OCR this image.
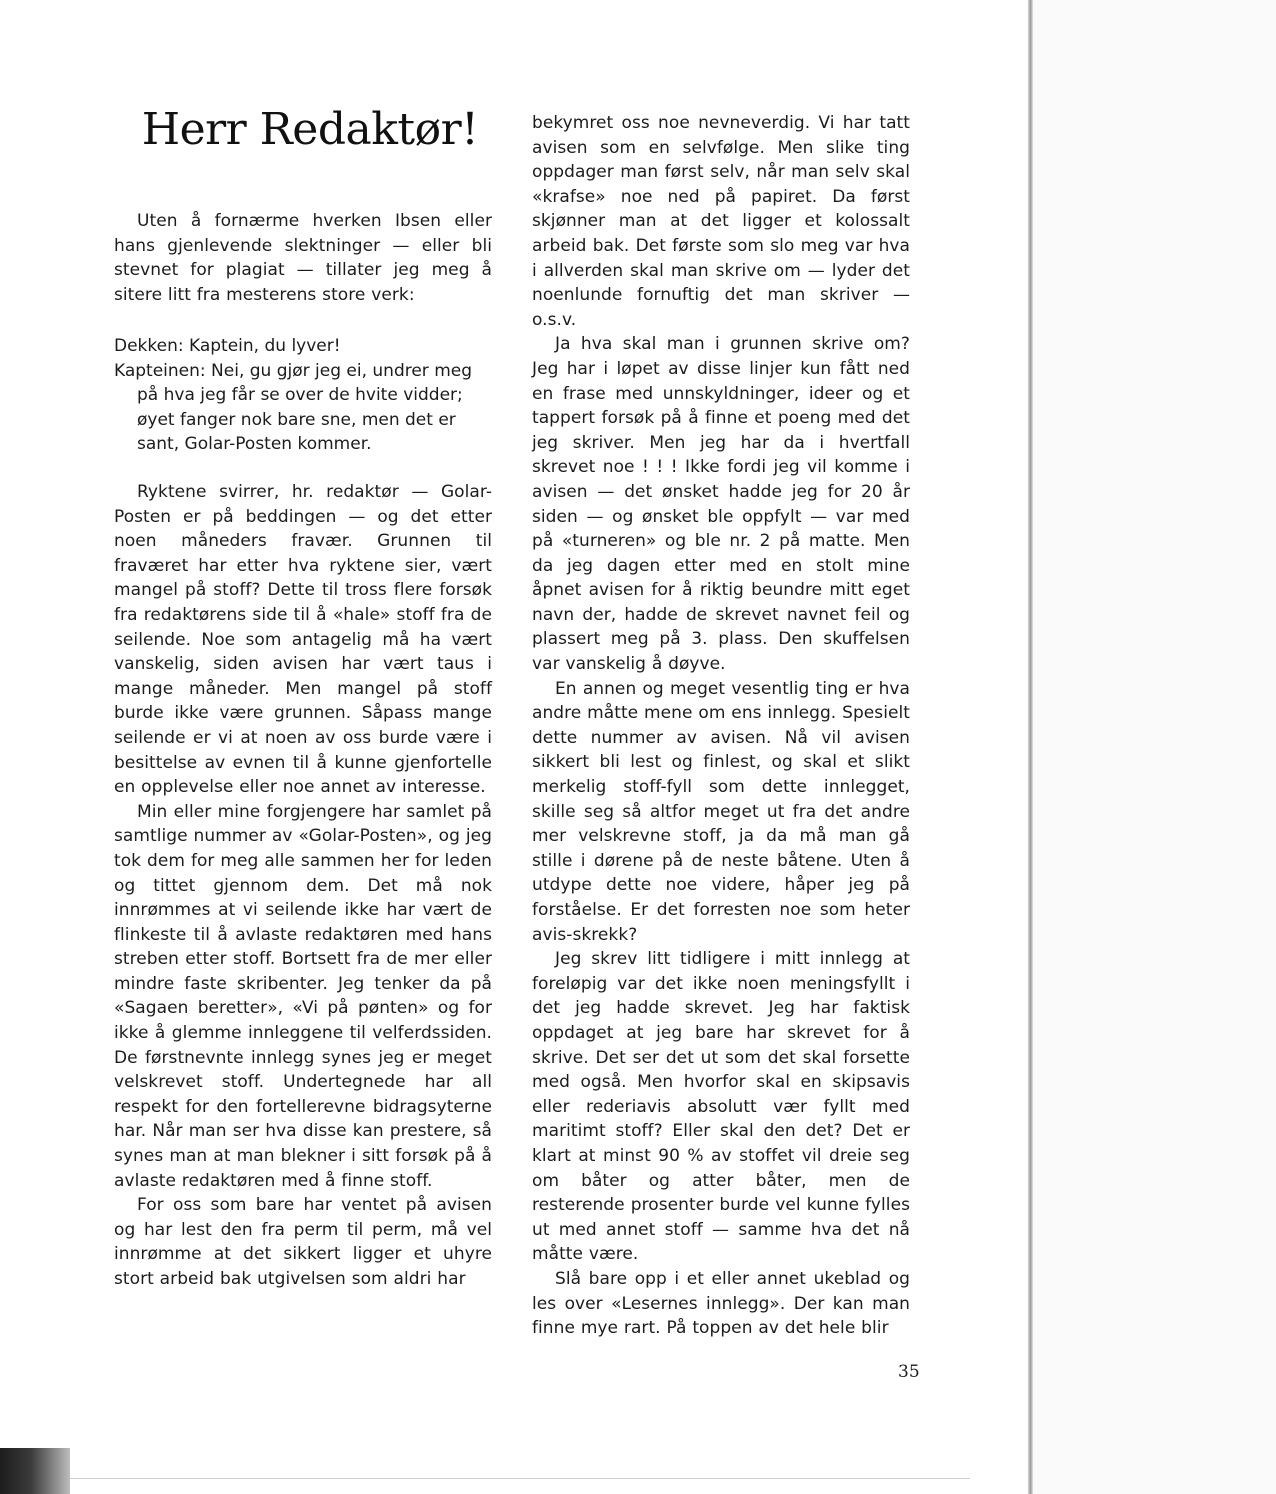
Herr Redaktør!

Uten å fornærme hverken Ibsen eller hans gjenlevende slektninger — eller bli stevnet for plagiat — tillater jeg meg å sitere litt fra mesterens store verk:

Dekken: Kaptein, du lyver!

Kapteinen: Nei, gu gjør jeg ei, undrer meg på hva jeg får se over de hvite vidder; øyet fanger nok bare sne, men det er sant, Golar-Posten kommer.

Ryktene svirrer, hr. redaktør — Golar-Posten er på beddingen — og det etter noen måneders fravær. Grunnen til fraværet har etter hva ryktene sier, vært mangel på stoff? Dette til tross flere forsøk fra redaktørens side til å «hale» stoff fra de seilende. Noe som antagelig må ha vært vanskelig, siden avisen har vært taus i mange måneder. Men mangel på stoff burde ikke være grunnen. Såpass mange seilende er vi at noen av oss burde være i besittelse av evnen til å kunne gjenfortelle en opplevelse eller noe annet av interesse.

Min eller mine forgjengere har samlet på samtlige nummer av «Golar-Posten», og jeg tok dem for meg alle sammen her for leden og tittet gjennom dem. Det må nok innrømmes at vi seilende ikke har vært de flinkeste til å avlaste redaktøren med hans streben etter stoff. Bortsett fra de mer eller mindre faste skribenter. Jeg tenker da på «Sagaen beretter», «Vi på pønten» og for ikke å glemme innleggene til velferdssiden. De førstnevnte innlegg synes jeg er meget velskrevet stoff. Undertegnede har all respekt for den fortellerevne bidragsyterne har. Når man ser hva disse kan prestere, så synes man at man blekner i sitt forsøk på å avlaste redaktøren med å finne stoff.

For oss som bare har ventet på avisen og har lest den fra perm til perm, må vel innrømme at det sikkert ligger et uhyre stort arbeid bak utgivelsen som aldri har

bekymret oss noe nevneverdig. Vi har tatt avisen som en selvfølge. Men slike ting oppdager man først selv, når man selv skal «krafse» noe ned på papiret. Da først skjønner man at det ligger et kolossalt arbeid bak. Det første som slo meg var hva i allverden skal man skrive om — lyder det noenlunde fornuftig det man skriver — o.s.v.

Ja hva skal man i grunnen skrive om? Jeg har i løpet av disse linjer kun fått ned en frase med unnskyldninger, ideer og et tappert forsøk på å finne et poeng med det jeg skriver. Men jeg har da i hvertfall skrevet noe ! ! ! Ikke fordi jeg vil komme i avisen — det ønsket hadde jeg for 20 år siden — og ønsket ble oppfylt — var med på «turneren» og ble nr. 2 på matte. Men da jeg dagen etter med en stolt mine åpnet avisen for å riktig beundre mitt eget navn der, hadde de skrevet navnet feil og plassert meg på 3. plass. Den skuffelsen var vanskelig å døyve.

En annen og meget vesentlig ting er hva andre måtte mene om ens innlegg. Spesielt dette nummer av avisen. Nå vil avisen sikkert bli lest og finlest, og skal et slikt merkelig stoff-fyll som dette innlegget, skille seg så altfor meget ut fra det andre mer velskrevne stoff, ja da må man gå stille i dørene på de neste båtene. Uten å utdype dette noe videre, håper jeg på forståelse. Er det forresten noe som heter avis-skrekk?

Jeg skrev litt tidligere i mitt innlegg at foreløpig var det ikke noen meningsfyllt i det jeg hadde skrevet. Jeg har faktisk oppdaget at jeg bare har skrevet for å skrive. Det ser det ut som det skal forsette med også. Men hvorfor skal en skipsavis eller rederiavis absolutt vær fyllt med maritimt stoff? Eller skal den det? Det er klart at minst 90 % av stoffet vil dreie seg om båter og atter båter, men de resterende prosenter burde vel kunne fylles ut med annet stoff — samme hva det nå måtte være.

Slå bare opp i et eller annet ukeblad og les over «Lesernes innlegg». Der kan man finne mye rart. På toppen av det hele blir

35
